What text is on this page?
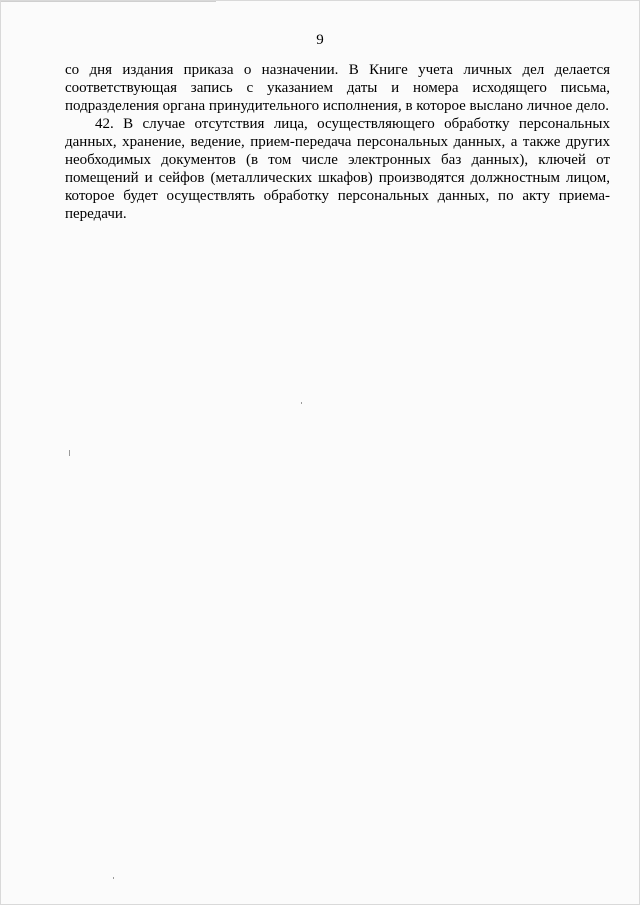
9

со дня издания приказа о назначении. В Книге учета личных дел делается соответствующая запись с указанием даты и номера исходящего письма, подразделения органа принудительного исполнения, в которое выслано личное дело.

42. В случае отсутствия лица, осуществляющего обработку персональных данных, хранение, ведение, прием-передача персональных данных, а также других необходимых документов (в том числе электронных баз данных), ключей от помещений и сейфов (металлических шкафов) производятся должностным лицом, которое будет осуществлять обработку персональных данных, по акту приема-передачи.
